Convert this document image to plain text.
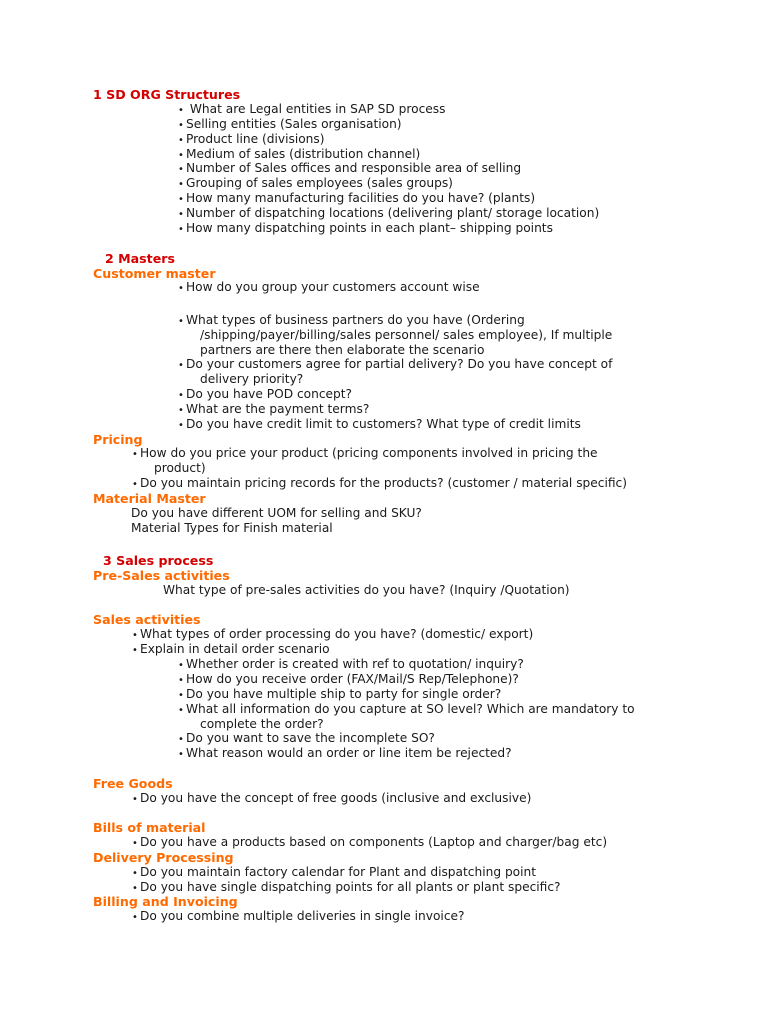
1 SD ORG Structures
• What are Legal entities in SAP SD process
• Selling entities (Sales organisation)
• Product line (divisions)
• Medium of sales (distribution channel)
• Number of Sales offices and responsible area of selling
• Grouping of sales employees (sales groups)
• How many manufacturing facilities do you have? (plants)
• Number of dispatching locations (delivering plant/ storage location)
• How many dispatching points in each plant– shipping points
2 Masters
Customer master
• How do you group your customers account wise
• What types of business partners do you have (Ordering
/shipping/payer/billing/sales personnel/ sales employee), If multiple
partners are there then elaborate the scenario
• Do your customers agree for partial delivery? Do you have concept of
delivery priority?
• Do you have POD concept?
• What are the payment terms?
• Do you have credit limit to customers? What type of credit limits
Pricing
• How do you price your product (pricing components involved in pricing the
product)
• Do you maintain pricing records for the products? (customer / material specific)
Material Master
Do you have different UOM for selling and SKU?
Material Types for Finish material
3 Sales process
Pre-Sales activities
What type of pre-sales activities do you have? (Inquiry /Quotation)
Sales activities
• What types of order processing do you have? (domestic/ export)
• Explain in detail order scenario
• Whether order is created with ref to quotation/ inquiry?
• How do you receive order (FAX/Mail/S Rep/Telephone)?
• Do you have multiple ship to party for single order?
• What all information do you capture at SO level? Which are mandatory to
complete the order?
• Do you want to save the incomplete SO?
• What reason would an order or line item be rejected?
Free Goods
• Do you have the concept of free goods (inclusive and exclusive)
Bills of material
• Do you have a products based on components (Laptop and charger/bag etc)
Delivery Processing
• Do you maintain factory calendar for Plant and dispatching point
• Do you have single dispatching points for all plants or plant specific?
Billing and Invoicing
• Do you combine multiple deliveries in single invoice?
